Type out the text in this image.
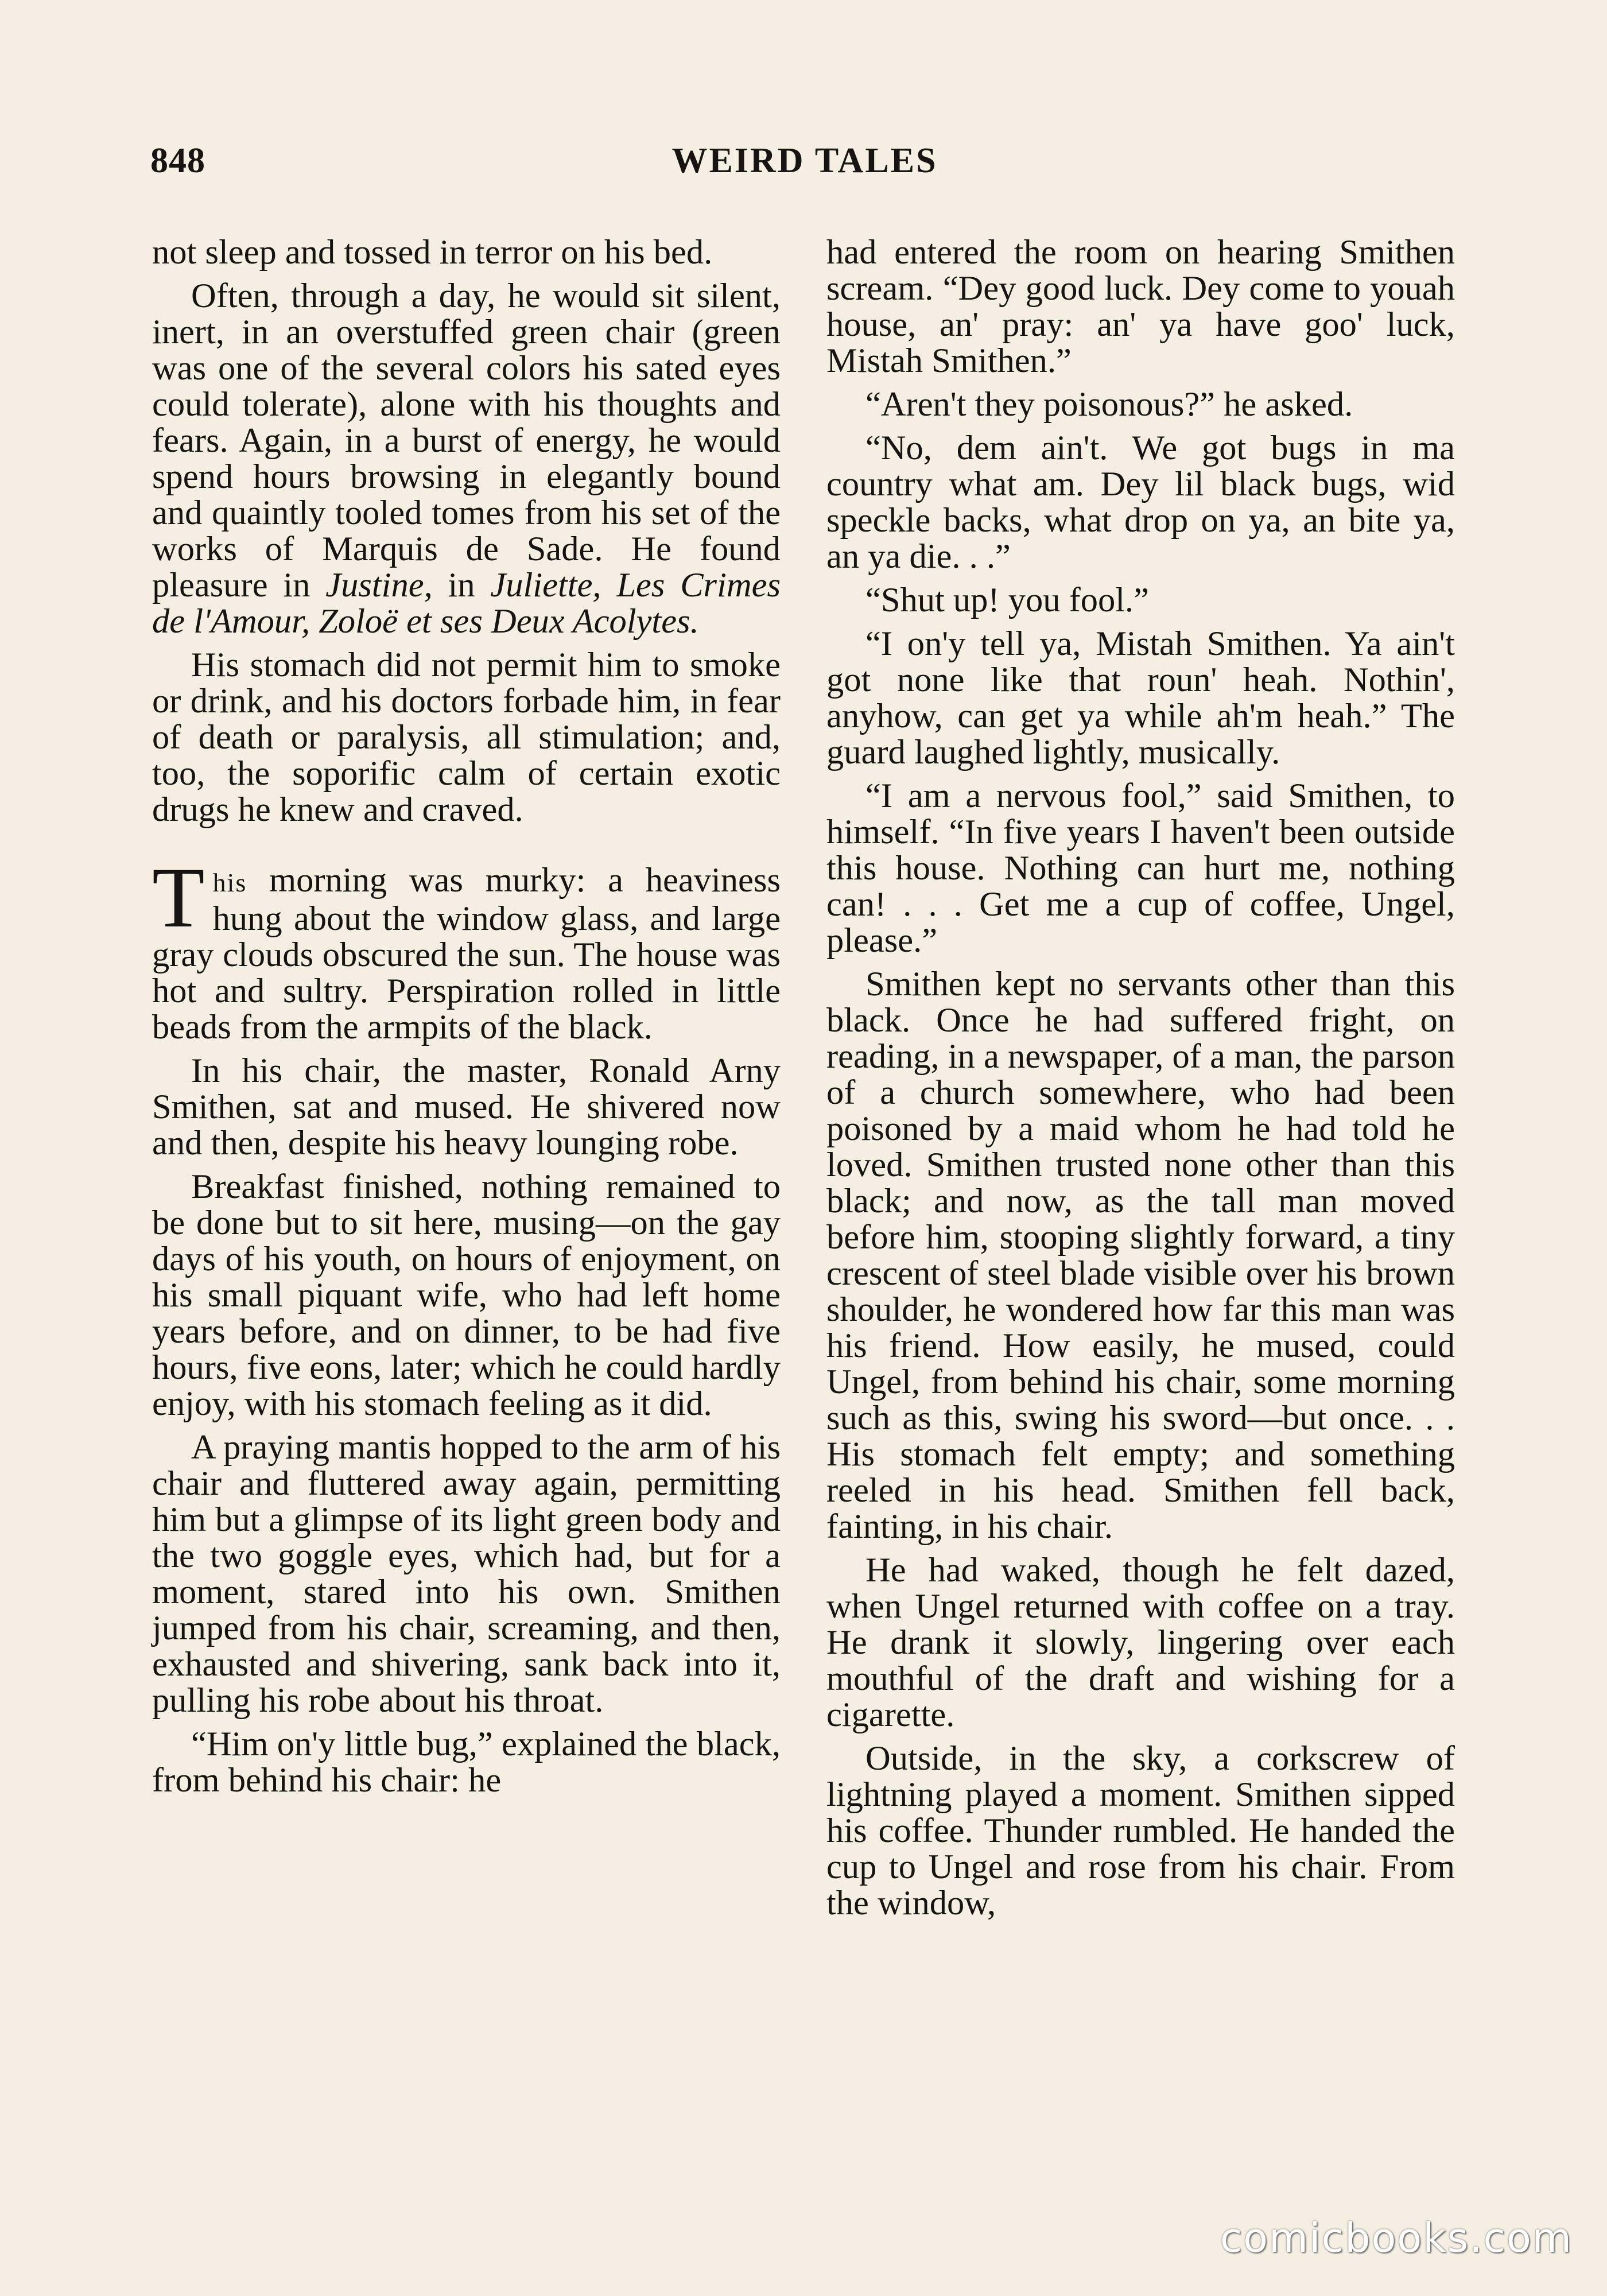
848	WEIRD TALES

not sleep and tossed in terror on his bed.

Often, through a day, he would sit silent, inert, in an overstuffed green chair (green was one of the several colors his sated eyes could tolerate), alone with his thoughts and fears. Again, in a burst of energy, he would spend hours browsing in elegantly bound and quaintly tooled tomes from his set of the works of Marquis de Sade. He found pleasure in Justine, in Juliette, Les Crimes de l'Amour, Zoloë et ses Deux Acolytes.

His stomach did not permit him to smoke or drink, and his doctors forbade him, in fear of death or paralysis, all stimulation; and, too, the soporific calm of certain exotic drugs he knew and craved.

This morning was murky: a heaviness hung about the window glass, and large gray clouds obscured the sun. The house was hot and sultry. Perspiration rolled in little beads from the armpits of the black.

In his chair, the master, Ronald Arny Smithen, sat and mused. He shivered now and then, despite his heavy lounging robe.

Breakfast finished, nothing remained to be done but to sit here, musing—on the gay days of his youth, on hours of enjoyment, on his small piquant wife, who had left home years before, and on dinner, to be had five hours, five eons, later; which he could hardly enjoy, with his stomach feeling as it did.

A praying mantis hopped to the arm of his chair and fluttered away again, permitting him but a glimpse of its light green body and the two goggle eyes, which had, but for a moment, stared into his own. Smithen jumped from his chair, screaming, and then, exhausted and shivering, sank back into it, pulling his robe about his throat.

“Him on'y little bug,” explained the black, from behind his chair: he

had entered the room on hearing Smithen scream. “Dey good luck. Dey come to youah house, an' pray: an' ya have goo' luck, Mistah Smithen.”

“Aren't they poisonous?” he asked.

“No, dem ain't. We got bugs in ma country what am. Dey lil black bugs, wid speckle backs, what drop on ya, an bite ya, an ya die. . .”

“Shut up! you fool.”

“I on'y tell ya, Mistah Smithen. Ya ain't got none like that roun' heah. Nothin', anyhow, can get ya while ah'm heah.” The guard laughed lightly, musically.

“I am a nervous fool,” said Smithen, to himself. “In five years I haven't been outside this house. Nothing can hurt me, nothing can! . . . Get me a cup of coffee, Ungel, please.”

Smithen kept no servants other than this black. Once he had suffered fright, on reading, in a newspaper, of a man, the parson of a church somewhere, who had been poisoned by a maid whom he had told he loved. Smithen trusted none other than this black; and now, as the tall man moved before him, stooping slightly forward, a tiny crescent of steel blade visible over his brown shoulder, he wondered how far this man was his friend. How easily, he mused, could Ungel, from behind his chair, some morning such as this, swing his sword—but once. . . His stomach felt empty; and something reeled in his head. Smithen fell back, fainting, in his chair.

He had waked, though he felt dazed, when Ungel returned with coffee on a tray. He drank it slowly, lingering over each mouthful of the draft and wishing for a cigarette.

Outside, in the sky, a corkscrew of lightning played a moment. Smithen sipped his coffee. Thunder rumbled. He handed the cup to Ungel and rose from his chair. From the window,

comicbooks.com
